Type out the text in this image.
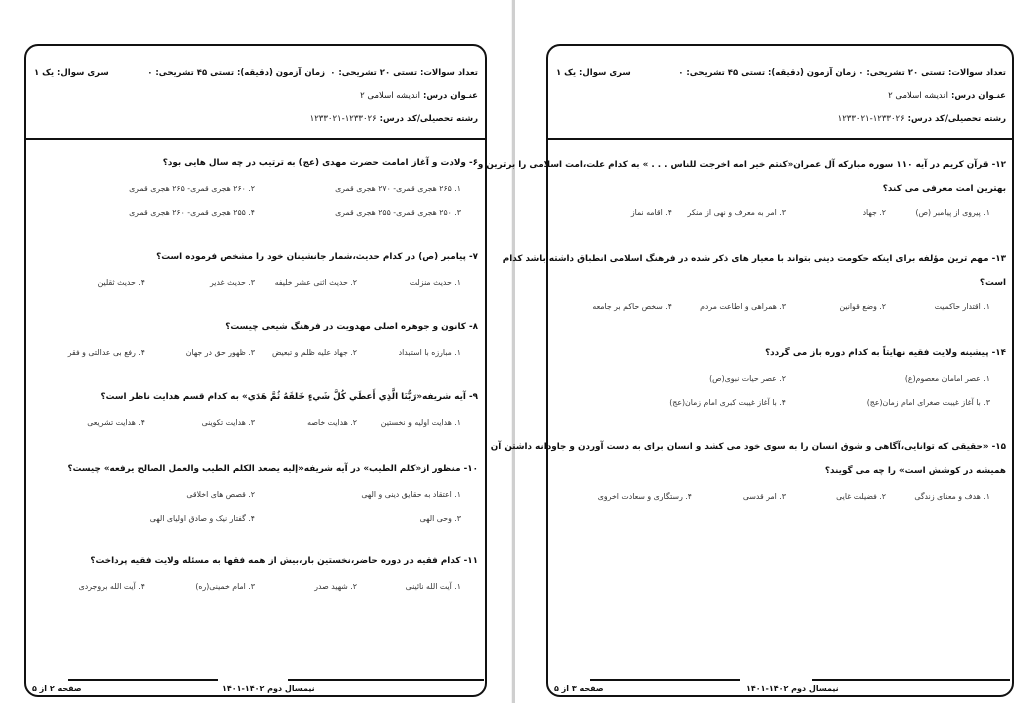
تعداد سوالات: تستی ۲۰ تشریحی: ۰
زمان آزمون (دقیقه): تستی ۴۵ تشریحی: ۰
سری سوال: یک ۱
عنـوان درس: اندیشه اسلامی ۲
رشته تحصیلی/کد درس: ۱۲۳۳۰۲۶-۱۲۳۳۰۲۱
۶- ولادت و آغاز امامت حضرت مهدی (عج) به ترتیب در چه سال هایی بود؟
۱. ۲۶۵ هجری قمری- ۲۷۰ هجری قمری
۲. ۲۶۰ هجری قمری- ۲۶۵ هجری قمری
۳. ۲۵۰ هجری قمری- ۲۵۵ هجری قمری
۴. ۲۵۵ هجری قمری- ۲۶۰ هجری قمری
۷- پیامبر (ص) در کدام حدیث،شمار جانشینان خود را مشخص فرموده است؟
۱. حدیث منزلت
۲. حدیث اثنی عشر خلیفه
۳. حدیث غدیر
۴. حدیث ثقلین
۸- کانون و جوهره اصلی مهدویت در فرهنگ شیعی چیست؟
۱. مبارزه با استبداد
۲. جهاد علیه ظلم و تبعیض
۳. ظهور حق در جهان
۴. رفع بی عدالتی و فقر
۹- آیه شریفه«رَبُّنَا الَّذِي أَعطَي كُلَّ شَيءٍ خَلقَهُ ثُمَّ هَدَي» به کدام قسم هدایت ناظر است؟
۱. هدایت اولیه و نخستین
۲. هدایت خاصه
۳. هدایت تکوینی
۴. هدایت تشریعی
۱۰- منظور از«کلم الطیب» در آیه شریفه«إلیه یصعد الکلم الطیب والعمل الصالح یرفعه» چیست؟
۱. اعتقاد به حقایق دینی و الهی
۲. قصص های اخلاقی
۳. وحی الهی
۴. گفتار نیک و صادق اولیای الهی
۱۱- کدام فقیه در دوره حاضر،نخستین بار،بیش از همه فقها به مسئله ولایت فقیه پرداخت؟
۱. آیت الله نائینی
۲. شهید صدر
۳. امام خمینی(ره)
۴. آیت الله بروجردی
صفحه ۲ از ۵	نیمسال دوم ۱۴۰۲-۱۴۰۱
تعداد سوالات: تستی ۲۰ تشریحی: ۰
زمان آزمون (دقیقه): تستی ۴۵ تشریحی: ۰
سری سوال: یک ۱
عنـوان درس: اندیشه اسلامی ۲
رشته تحصیلی/کد درس: ۱۲۳۳۰۲۶-۱۲۳۳۰۲۱
۱۲- قرآن کریم در آیه ۱۱۰ سوره مبارکه آل عمران«کنتم خیر امه اخرجت للناس . . . » به کدام علت،امت اسلامی را برترین و
بهترین امت معرفی می کند؟
۱. پیروی از پیامبر (ص)
۲. جهاد
۳. امر به معرف و نهی از منکر
۴. اقامه نماز
۱۳- مهم ترین مؤلفه برای اینکه حکومت دینی بتواند با معیار های ذکر شده در فرهنگ اسلامی انطباق داشته باشد کدام
است؟
۱. اقتدار حاکمیت
۲. وضع قوانین
۳. همراهی و اطاعت مردم
۴. سخص حاکم بر جامعه
۱۴- پیشینه ولایت فقیه نهایتاً به کدام دوره باز می گردد؟
۱. عصر امامان معصوم(ع)
۲. عصر حیات نبوی(ص)
۳. با آغاز غیبت صغرای امام زمان(عج)
۴. با آغاز غیبت کبری امام زمان(عج)
۱۵- «حقیقی که توانایی،آگاهی و شوق انسان را به سوی خود می کشد و انسان برای به دست آوردن و جاودانه داشتن آن
همیشه در کوشش است» را چه می گویند؟
۱. هدف و معنای زندگی
۲. فضیلت غایی
۳. امر قدسی
۴. رستگاری و سعادت اخروی
صفحه ۳ از ۵	نیمسال دوم ۱۴۰۲-۱۴۰۱
